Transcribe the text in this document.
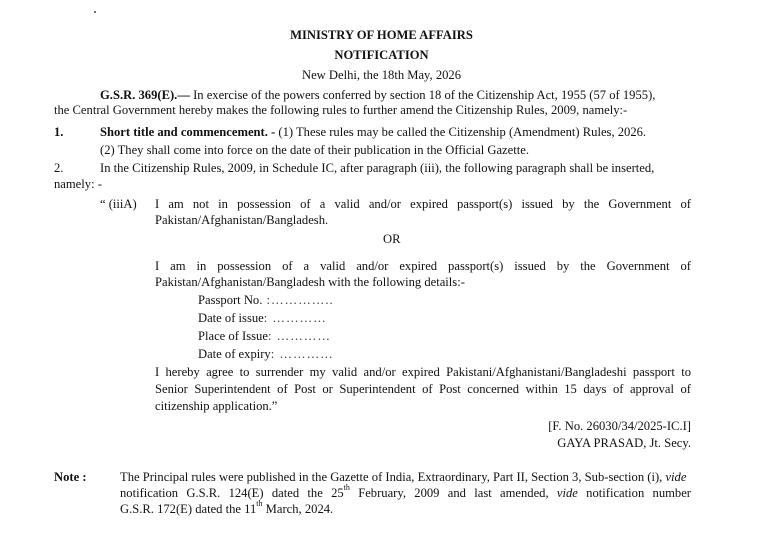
MINISTRY OF HOME AFFAIRS
NOTIFICATION
New Delhi, the 18th May, 2026
G.S.R. 369(E).— In exercise of the powers conferred by section 18 of the Citizenship Act, 1955 (57 of 1955),
the Central Government hereby makes the following rules to further amend the Citizenship Rules, 2009, namely:-
1.	Short title and commencement. - (1) These rules may be called the Citizenship (Amendment) Rules, 2026.
(2) They shall come into force on the date of their publication in the Official Gazette.
2.	In the Citizenship Rules, 2009, in Schedule IC, after paragraph (iii), the following paragraph shall be inserted,
namely: -
“ (iiiA) I am not in possession of a valid and/or expired passport(s) issued by the Government of
Pakistan/Afghanistan/Bangladesh.
OR
I am in possession of a valid and/or expired passport(s) issued by the Government of
Pakistan/Afghanistan/Bangladesh with the following details:-
Passport No. :…………..
Date of issue: …………
Place of Issue: …………
Date of expiry: …………
I hereby agree to surrender my valid and/or expired Pakistani/Afghanistani/Bangladeshi passport to
Senior Superintendent of Post or Superintendent of Post concerned within 15 days of approval of
citizenship application.”
[F. No. 26030/34/2025-IC.I]
GAYA PRASAD, Jt. Secy.
Note :	The Principal rules were published in the Gazette of India, Extraordinary, Part II, Section 3, Sub-section (i), vide
notification G.S.R. 124(E) dated the 25th February, 2009 and last amended, vide notification number
G.S.R. 172(E) dated the 11th March, 2024.
